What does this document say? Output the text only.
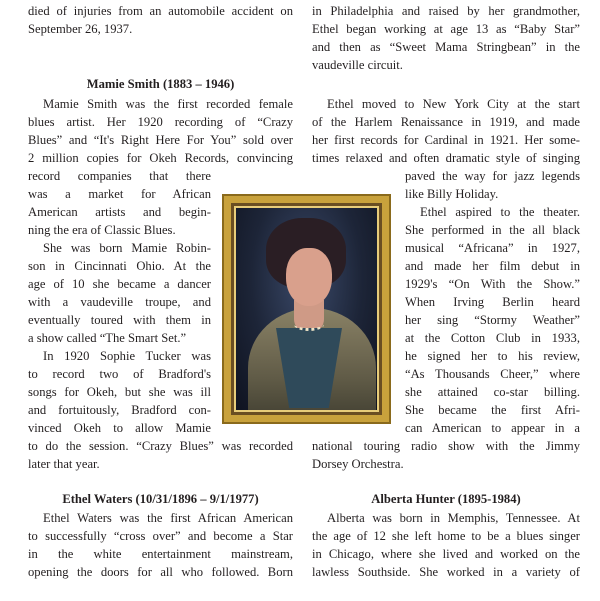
died of injuries from an automobile accident on
September 26, 1937.
Mamie Smith (1883 – 1946)
Mamie Smith was the first recorded female
blues artist. Her 1920 recording of “Crazy
Blues” and “It's Right Here For You” sold over
2 million copies for Okeh Records, convincing
record companies that there
was a market for African
American artists and begin-
ning the era of Classic Blues.
She was born Mamie Robin-
son in Cincinnati Ohio. At the
age of 10 she became a dancer
with a vaudeville troupe, and
eventually toured with them in
a show called “The Smart Set.”
In 1920 Sophie Tucker was
to record two of Bradford's
songs for Okeh, but she was ill
and fortuitously, Bradford con-
vinced Okeh to allow Mamie
to do the session. “Crazy Blues” was recorded
later that year.
Ethel Waters (10/31/1896 – 9/1/1977)
Ethel Waters was the first African American
to successfully “cross over” and become a Star
in the white entertainment mainstream,
opening the doors for all who followed. Born
in Philadelphia and raised by her grandmother,
Ethel began working at age 13 as “Baby Star”
and then as “Sweet Mama Stringbean” in the
vaudeville circuit.
Ethel moved to New York City at the start
of the Harlem Renaissance in 1919, and made
her first records for Cardinal in 1921. Her some-
times relaxed and often dramatic style of singing
paved the way for jazz legends
like Billy Holiday.
Ethel aspired to the theater.
She performed in the all black
musical “Africana” in 1927,
and made her film debut in
1929's “On With the Show.”
When Irving Berlin heard
her sing “Stormy Weather”
at the Cotton Club in 1933,
he signed her to his review,
“As Thousands Cheer,” where
she attained co-star billing.
She became the first Afri-
can American to appear in a
national touring radio show with the Jimmy
Dorsey Orchestra.
Alberta Hunter (1895-1984)
Alberta was born in Memphis, Tennessee. At
the age of 12 she left home to be a blues singer
in Chicago, where she lived and worked on the
lawless Southside. She worked in a variety of
